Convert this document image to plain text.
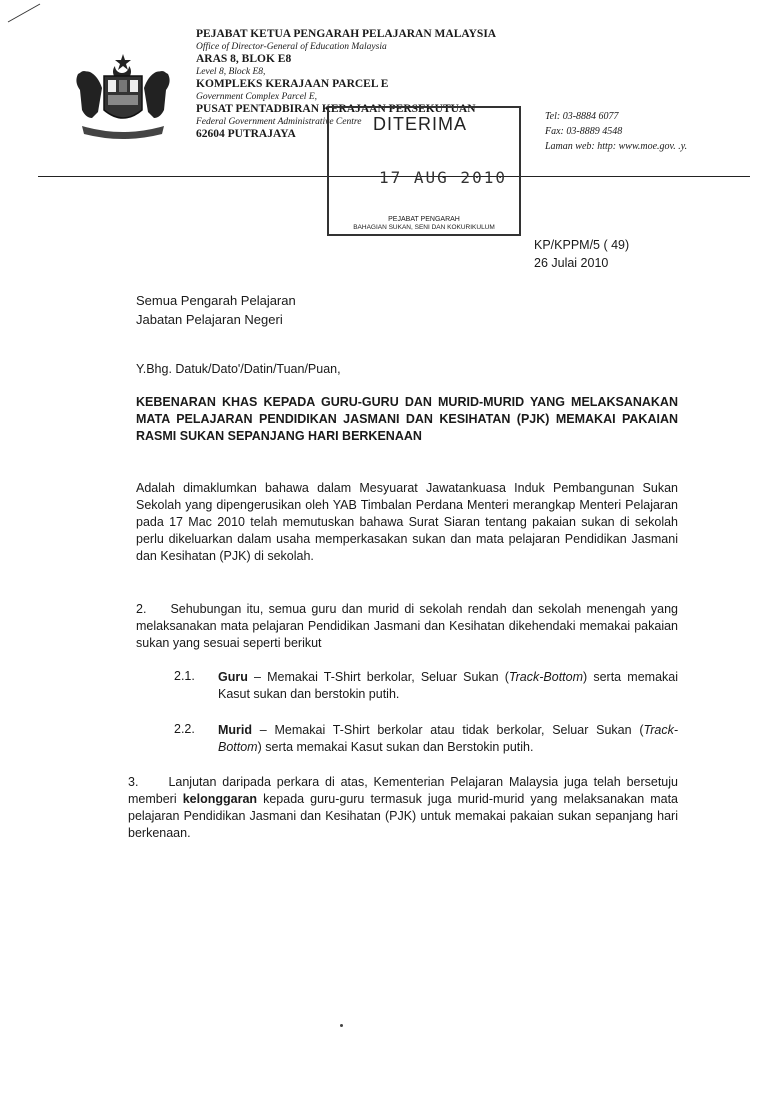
PEJABAT KETUA PENGARAH PELAJARAN MALAYSIA
Office of Director-General of Education Malaysia
ARAS 8, BLOK E8
Level 8, Block E8,
KOMPLEKS KERAJAAN PARCEL E
Government Complex Parcel E,
PUSAT PENTADBIRAN KERAJAAN PERSEKUTUAN
Federal Government Administrative Centre
62604 PUTRAJAYA
Tel: 03-8884 6077
Fax: 03-8889 4548
Laman web: http: www.moe.gov. .y.
DITERIMA
17 AUG 2010
PEJABAT PENGARAH
BAHAGIAN SUKAN, SENI DAN KOKURIKULUM
KP/KPPM/5 ( 49)
26 Julai 2010
Semua Pengarah Pelajaran
Jabatan Pelajaran Negeri
Y.Bhg. Datuk/Dato'/Datin/Tuan/Puan,
KEBENARAN KHAS KEPADA GURU-GURU DAN MURID-MURID YANG MELAKSANAKAN MATA PELAJARAN PENDIDIKAN JASMANI DAN KESIHATAN (PJK) MEMAKAI PAKAIAN RASMI SUKAN SEPANJANG HARI BERKENAAN
Adalah dimaklumkan bahawa dalam Mesyuarat Jawatankuasa Induk Pembangunan Sukan Sekolah yang dipengerusikan oleh YAB Timbalan Perdana Menteri merangkap Menteri Pelajaran pada 17 Mac 2010 telah memutuskan bahawa Surat Siaran tentang pakaian sukan di sekolah perlu dikeluarkan dalam usaha memperkasakan sukan dan mata pelajaran Pendidikan Jasmani dan Kesihatan (PJK) di sekolah.
2. Sehubungan itu, semua guru dan murid di sekolah rendah dan sekolah menengah yang melaksanakan mata pelajaran Pendidikan Jasmani dan Kesihatan dikehendaki memakai pakaian sukan yang sesuai seperti berikut
2.1. Guru – Memakai T-Shirt berkolar, Seluar Sukan (Track-Bottom) serta memakai Kasut sukan dan berstokin putih.
2.2. Murid – Memakai T-Shirt berkolar atau tidak berkolar, Seluar Sukan (Track-Bottom) serta memakai Kasut sukan dan Berstokin putih.
3. Lanjutan daripada perkara di atas, Kementerian Pelajaran Malaysia juga telah bersetuju memberi kelonggaran kepada guru-guru termasuk juga murid-murid yang melaksanakan mata pelajaran Pendidikan Jasmani dan Kesihatan (PJK) untuk memakai pakaian sukan sepanjang hari berkenaan.
